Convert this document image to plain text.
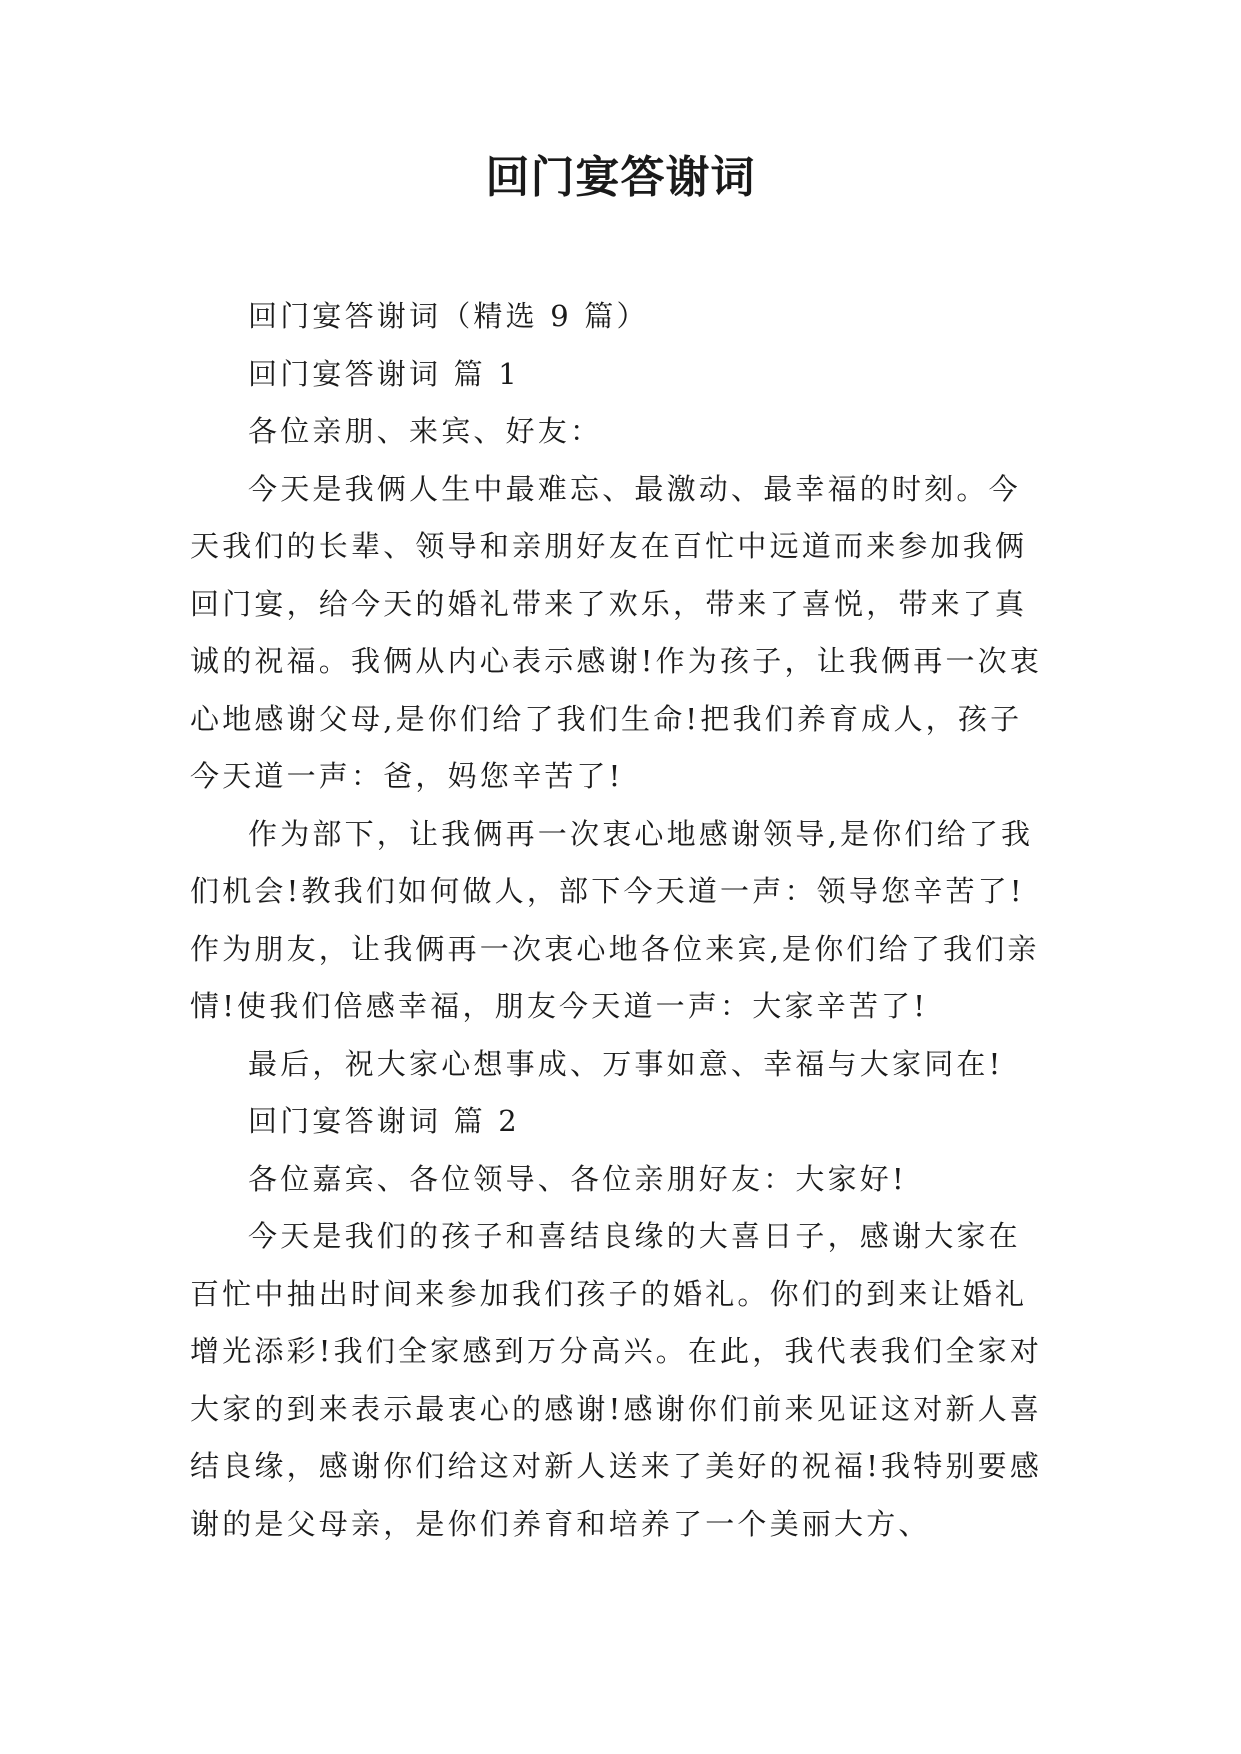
回门宴答谢词

回门宴答谢词（精选 9 篇）

回门宴答谢词 篇 1

各位亲朋、来宾、好友：

今天是我俩人生中最难忘、最激动、最幸福的时刻。今天我们的长辈、领导和亲朋好友在百忙中远道而来参加我俩回门宴，给今天的婚礼带来了欢乐，带来了喜悦，带来了真诚的祝福。我俩从内心表示感谢!作为孩子，让我俩再一次衷心地感谢父母,是你们给了我们生命!把我们养育成人，孩子今天道一声：爸，妈您辛苦了!

作为部下，让我俩再一次衷心地感谢领导,是你们给了我们机会!教我们如何做人，部下今天道一声：领导您辛苦了!作为朋友，让我俩再一次衷心地各位来宾,是你们给了我们亲情!使我们倍感幸福，朋友今天道一声：大家辛苦了!

最后，祝大家心想事成、万事如意、幸福与大家同在!

回门宴答谢词 篇 2

各位嘉宾、各位领导、各位亲朋好友：大家好!

今天是我们的孩子和喜结良缘的大喜日子，感谢大家在百忙中抽出时间来参加我们孩子的婚礼。你们的到来让婚礼增光添彩!我们全家感到万分高兴。在此，我代表我们全家对大家的到来表示最衷心的感谢!感谢你们前来见证这对新人喜结良缘，感谢你们给这对新人送来了美好的祝福!我特别要感谢的是父母亲，是你们养育和培养了一个美丽大方、
